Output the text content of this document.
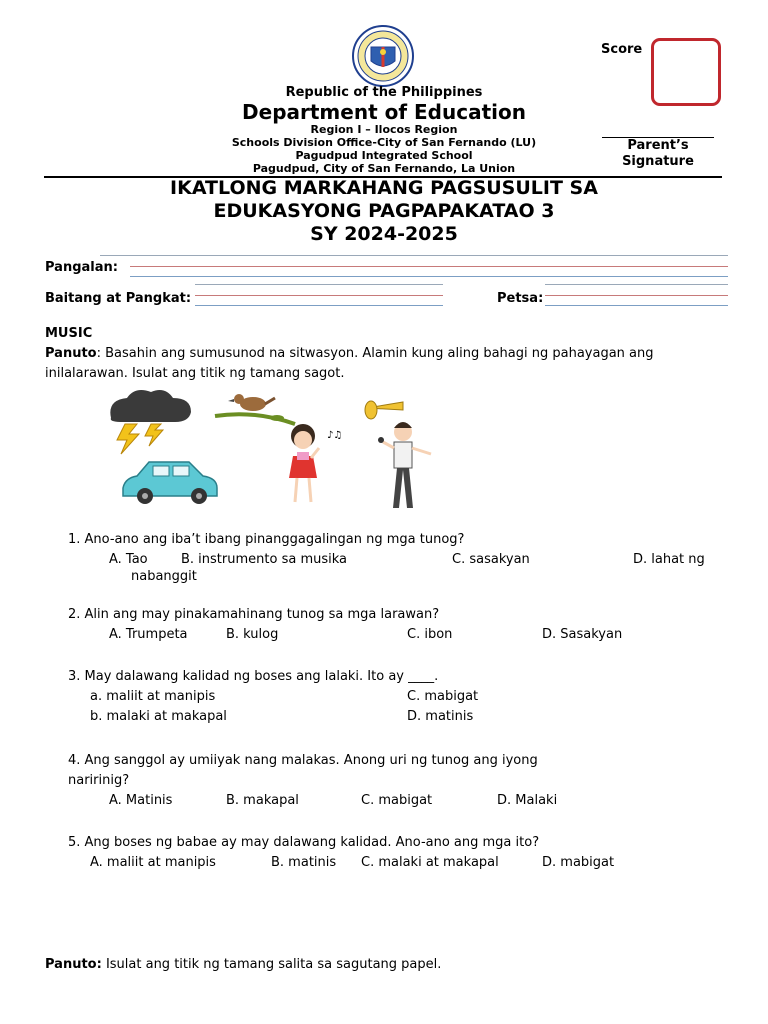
Score
Parent’s
Signature
Republic of the Philippines
Department of Education
Region I – Ilocos Region
Schools Division Office-City of San Fernando (LU)
Pagudpud Integrated School
Pagudpud, City of San Fernando, La Union
IKATLONG MARKAHANG PAGSUSULIT SA
EDUKASYONG PAGPAPAKATAO 3
SY 2024-2025
Pangalan:
Baitang at Pangkat:	Petsa:
MUSIC
Panuto: Basahin ang sumusunod na sitwasyon. Alamin kung aling bahagi ng pahayagan ang inilalarawan. Isulat ang titik ng tamang sagot.
♪♫
1. Ano-ano ang iba’t ibang pinanggagalingan ng mga tunog?
A. Tao	B. instrumento sa musika	C. sasakyan	D. lahat ng
nabanggit
2. Alin ang may pinakamahinang tunog sa mga larawan?
A. Trumpeta	B. kulog	C. ibon	D. Sasakyan
3. May dalawang kalidad ng boses ang lalaki. Ito ay ____.
a. maliit at manipis	C. mabigat
b. malaki at makapal	D. matinis
4. Ang sanggol ay umiiyak nang malakas. Anong uri ng tunog ang iyong
naririnig?
A. Matinis	B. makapal	C. mabigat	D. Malaki
5. Ang boses ng babae ay may dalawang kalidad. Ano-ano ang mga ito?
A. maliit at manipis	B. matinis C. malaki at makapal	D. mabigat
Panuto: Isulat ang titik ng tamang salita sa sagutang papel.
